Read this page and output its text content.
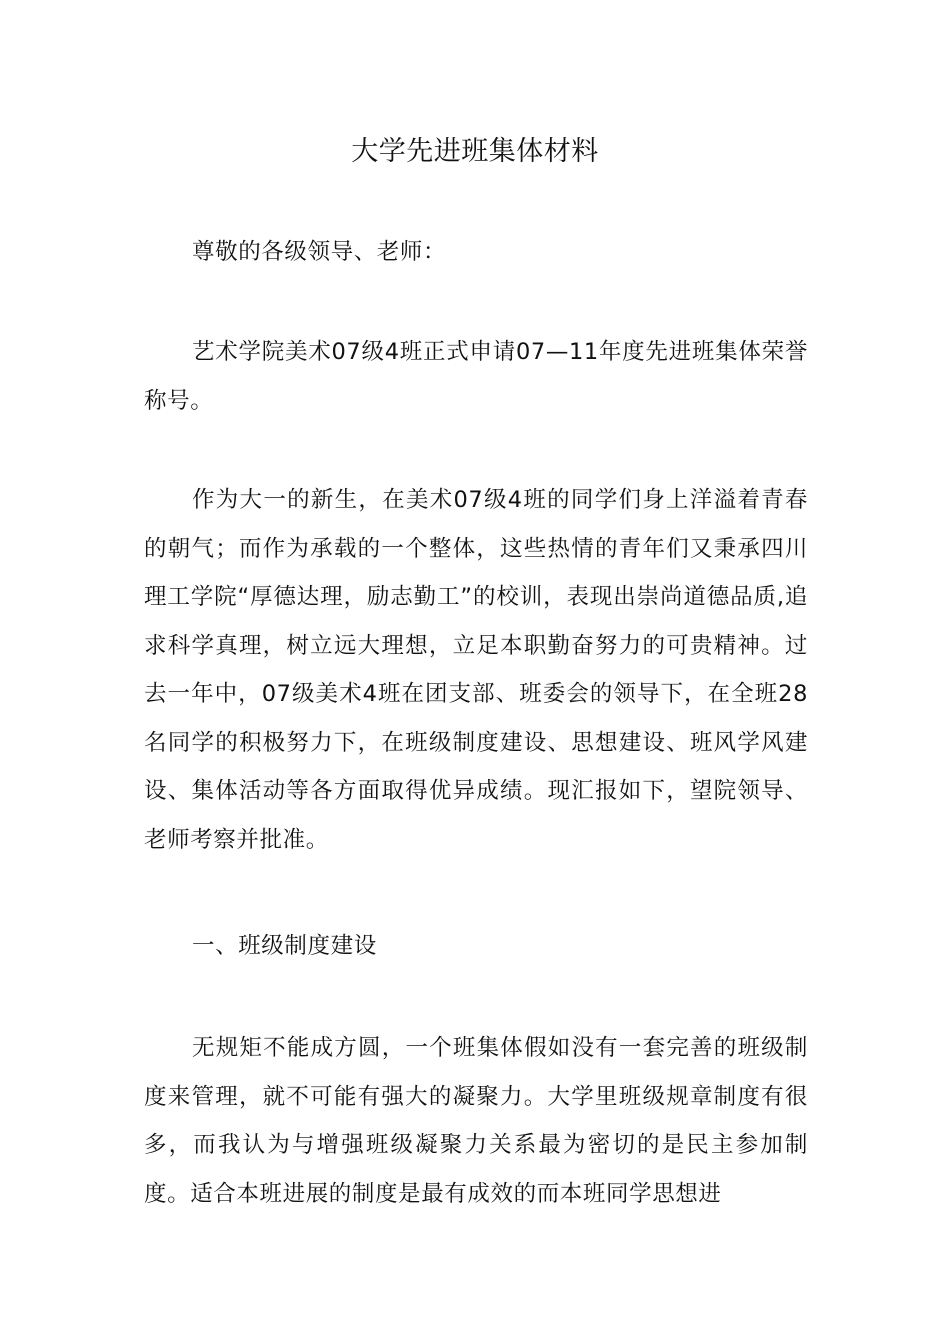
大学先进班集体材料

尊敬的各级领导、老师：

艺术学院美术07级4班正式申请07—11年度先进班集体荣誉称号。

作为大一的新生，在美术07级4班的同学们身上洋溢着青春的朝气；而作为承载的一个整体，这些热情的青年们又秉承四川理工学院“厚德达理，励志勤工”的校训，表现出崇尚道德品质,追求科学真理，树立远大理想，立足本职勤奋努力的可贵精神。过去一年中，07级美术4班在团支部、班委会的领导下，在全班28名同学的积极努力下，在班级制度建设、思想建设、班风学风建设、集体活动等各方面取得优异成绩。现汇报如下，望院领导、老师考察并批准。

一、班级制度建设

无规矩不能成方圆，一个班集体假如没有一套完善的班级制度来管理，就不可能有强大的凝聚力。大学里班级规章制度有很多，而我认为与增强班级凝聚力关系最为密切的是民主参加制度。适合本班进展的制度是最有成效的而本班同学思想进
